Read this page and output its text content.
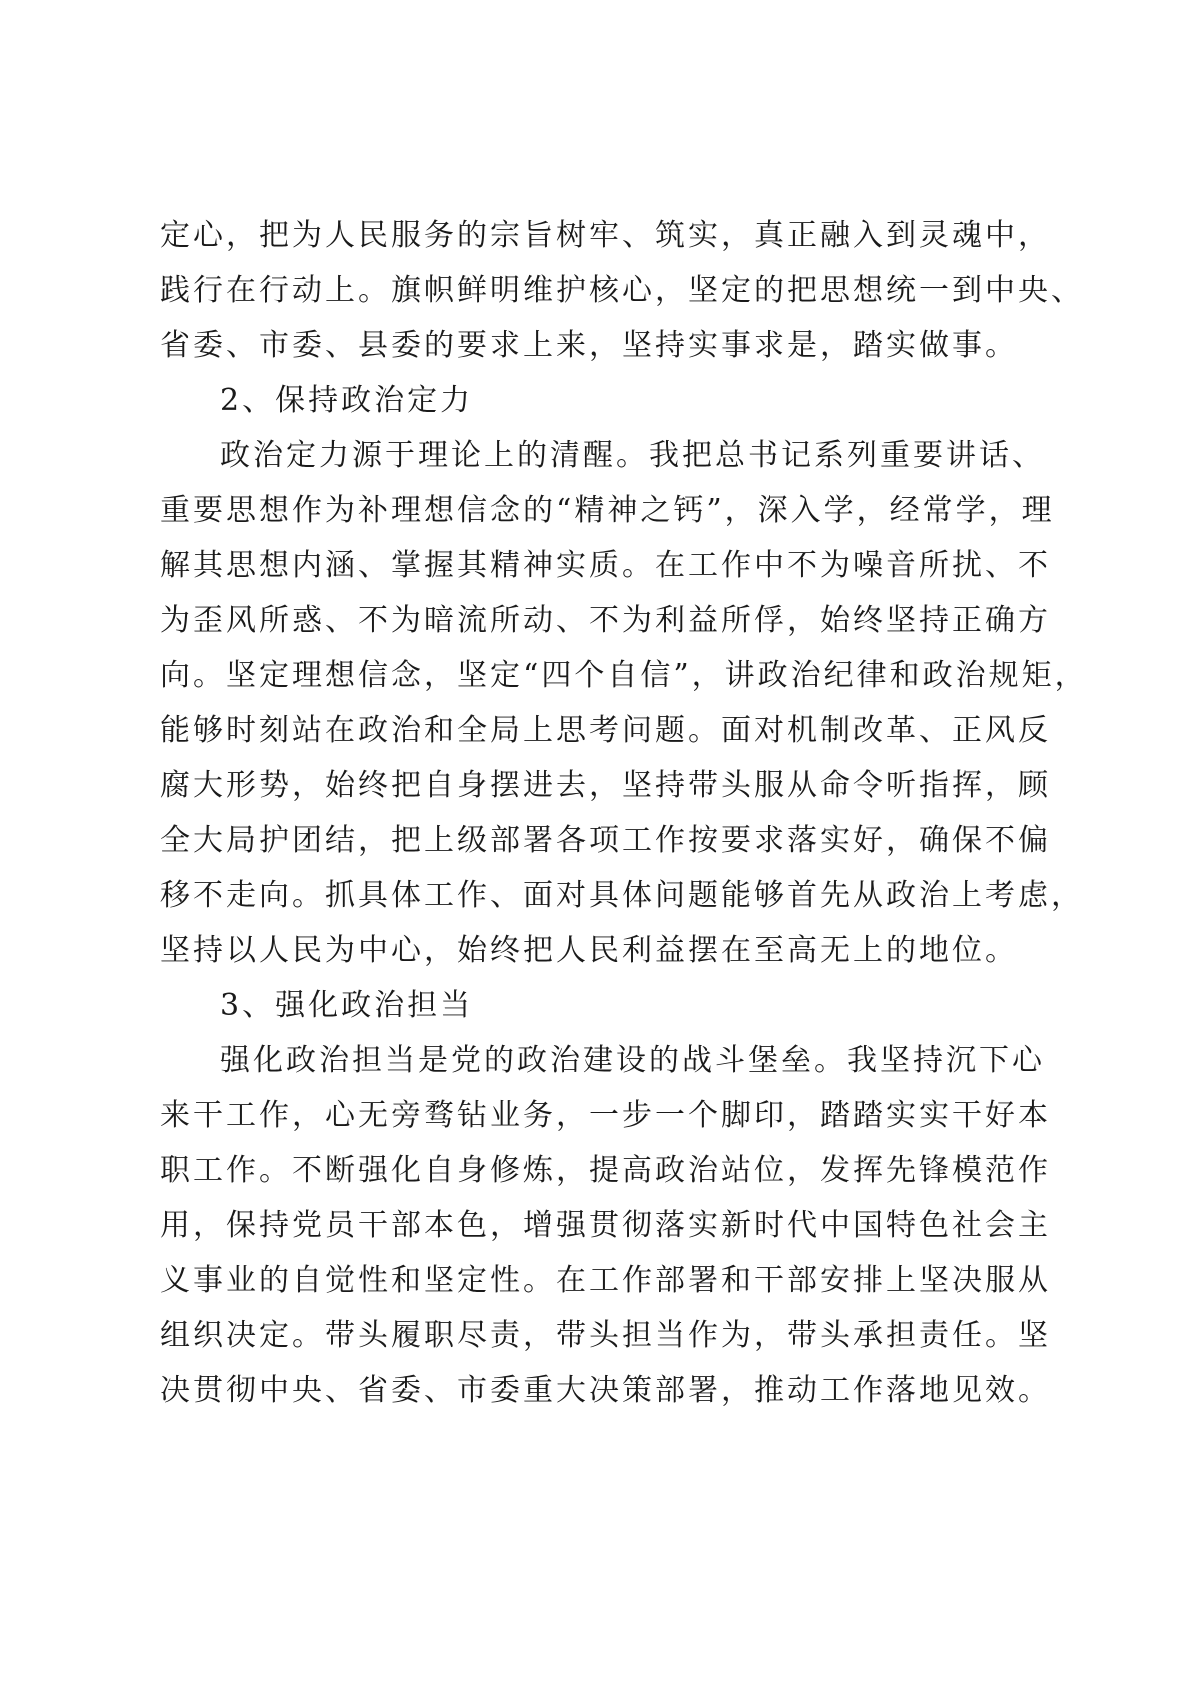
定心，把为人民服务的宗旨树牢、筑实，真正融入到灵魂中，
践行在行动上。旗帜鲜明维护核心，坚定的把思想统一到中央、
省委、市委、县委的要求上来，坚持实事求是，踏实做事。
2、保持政治定力
政治定力源于理论上的清醒。我把总书记系列重要讲话、
重要思想作为补理想信念的“精神之钙”，深入学，经常学，理
解其思想内涵、掌握其精神实质。在工作中不为噪音所扰、不
为歪风所惑、不为暗流所动、不为利益所俘，始终坚持正确方
向。坚定理想信念，坚定“四个自信”，讲政治纪律和政治规矩，
能够时刻站在政治和全局上思考问题。面对机制改革、正风反
腐大形势，始终把自身摆进去，坚持带头服从命令听指挥，顾
全大局护团结，把上级部署各项工作按要求落实好，确保不偏
移不走向。抓具体工作、面对具体问题能够首先从政治上考虑，
坚持以人民为中心，始终把人民利益摆在至高无上的地位。
3、强化政治担当
强化政治担当是党的政治建设的战斗堡垒。我坚持沉下心
来干工作，心无旁骛钻业务，一步一个脚印，踏踏实实干好本
职工作。不断强化自身修炼，提高政治站位，发挥先锋模范作
用，保持党员干部本色，增强贯彻落实新时代中国特色社会主
义事业的自觉性和坚定性。在工作部署和干部安排上坚决服从
组织决定。带头履职尽责，带头担当作为，带头承担责任。坚
决贯彻中央、省委、市委重大决策部署，推动工作落地见效。
